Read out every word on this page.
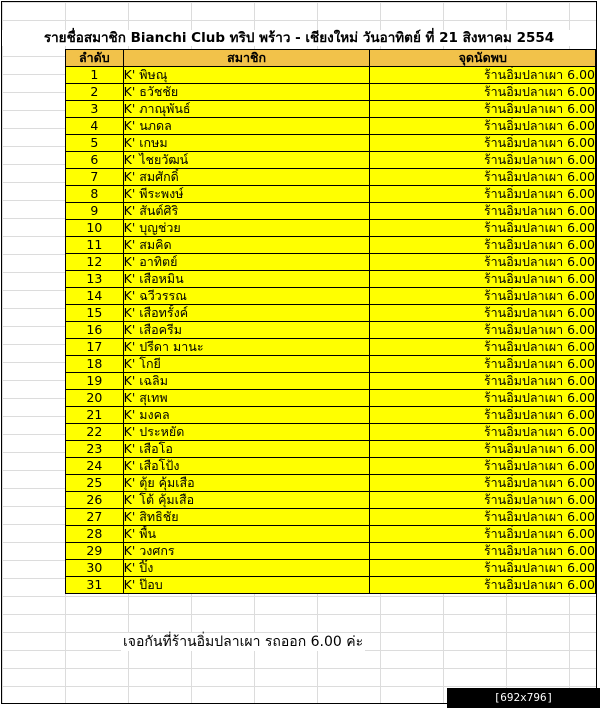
รายชื่อสมาชิก Bianchi Club ทริป พร้าว - เชียงใหม่ วันอาทิตย์ ที่ 21 สิงหาคม 2554
ลำดับ	สมาชิก	จุดนัดพบ
1	K' พิษณุ	ร้านอิ่มปลาเผา 6.00
2	K' ธวัชชัย	ร้านอิ่มปลาเผา 6.00
3	K' ภาณุพันธ์	ร้านอิ่มปลาเผา 6.00
4	K' นภดล	ร้านอิ่มปลาเผา 6.00
5	K' เกษม	ร้านอิ่มปลาเผา 6.00
6	K' ไชยวัฒน์	ร้านอิ่มปลาเผา 6.00
7	K' สมศักดิ์	ร้านอิ่มปลาเผา 6.00
8	K' พีระพงษ์	ร้านอิ่มปลาเผา 6.00
9	K' สันต์ศิริ	ร้านอิ่มปลาเผา 6.00
10	K' บุญช่วย	ร้านอิ่มปลาเผา 6.00
11	K' สมคิด	ร้านอิ่มปลาเผา 6.00
12	K' อาทิตย์	ร้านอิ่มปลาเผา 6.00
13	K' เสือหมิน	ร้านอิ่มปลาเผา 6.00
14	K' ฉวีวรรณ	ร้านอิ่มปลาเผา 6.00
15	K' เสือทรั้งค์	ร้านอิ่มปลาเผา 6.00
16	K' เสือครีม	ร้านอิ่มปลาเผา 6.00
17	K' ปรีดา มานะ	ร้านอิ่มปลาเผา 6.00
18	K' โกยี	ร้านอิ่มปลาเผา 6.00
19	K' เฉลิม	ร้านอิ่มปลาเผา 6.00
20	K' สุเทพ	ร้านอิ่มปลาเผา 6.00
21	K' มงคล	ร้านอิ่มปลาเผา 6.00
22	K' ประหยัด	ร้านอิ่มปลาเผา 6.00
23	K' เสือโอ	ร้านอิ่มปลาเผา 6.00
24	K' เสือโป้ง	ร้านอิ่มปลาเผา 6.00
25	K' ตุ้ย คุ้มเสือ	ร้านอิ่มปลาเผา 6.00
26	K' โต้ คุ้มเสือ	ร้านอิ่มปลาเผา 6.00
27	K' สิทธิชัย	ร้านอิ่มปลาเผา 6.00
28	K' พื้น	ร้านอิ่มปลาเผา 6.00
29	K' วงศกร	ร้านอิ่มปลาเผา 6.00
30	K' ปิ๊ง	ร้านอิ่มปลาเผา 6.00
31	K' ป๊อบ	ร้านอิ่มปลาเผา 6.00
เจอกันที่ร้านอิ่มปลาเผา รถออก 6.00 ค่ะ
[692x796] http://upic.me/
